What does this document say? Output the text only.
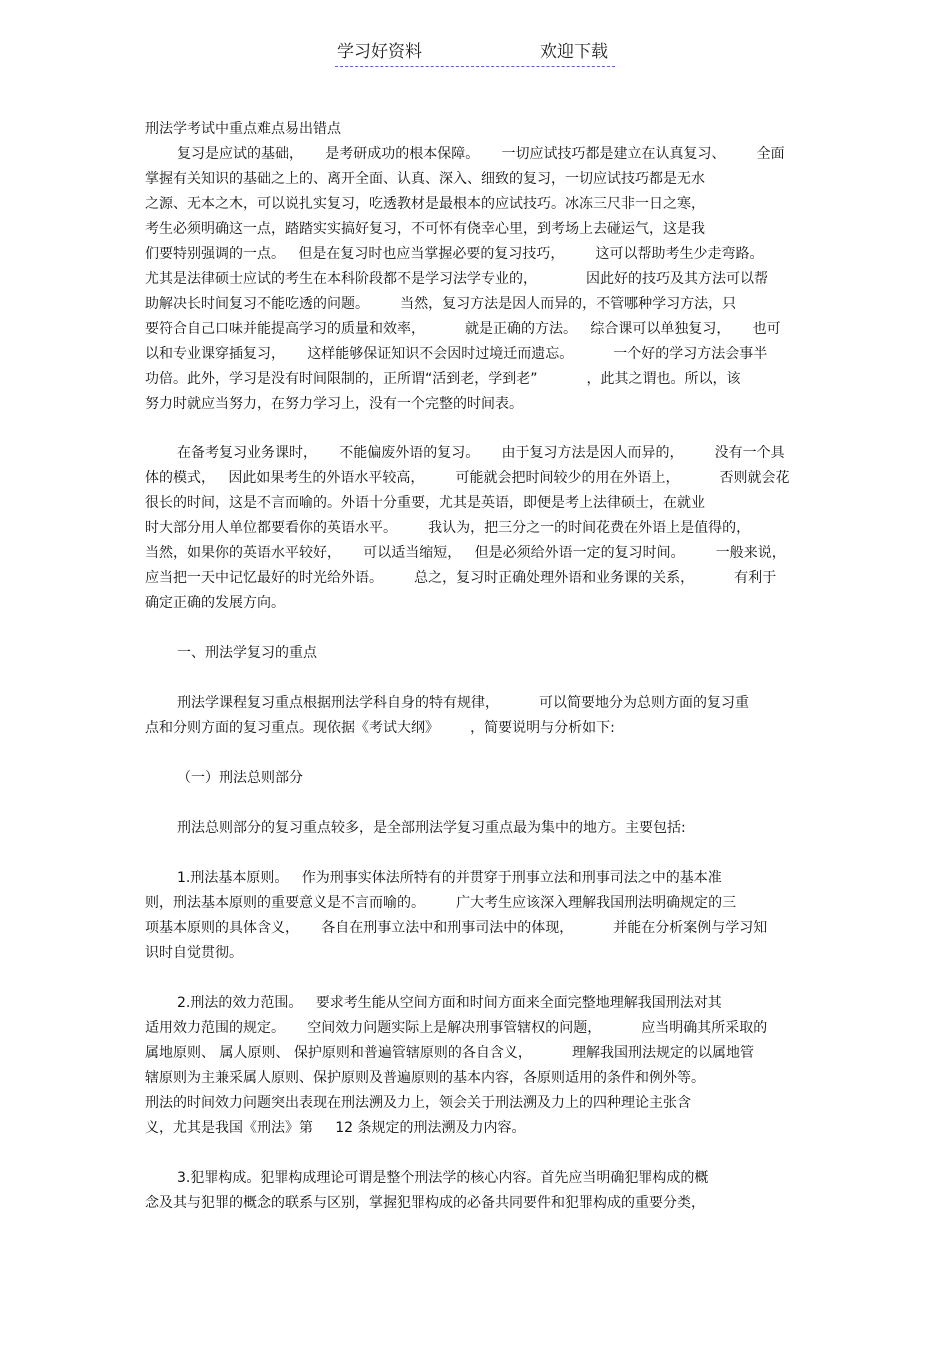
学习好资料	欢迎下载
刑法学考试中重点难点易出错点
复习是应试的基础，     是考研成功的根本保障。     一切应试技巧都是建立在认真复习、       全面
掌握有关知识的基础之上的、离开全面、认真、深入、细致的复习，一切应试技巧都是无水
之源、无本之木，可以说扎实复习，吃透教材是最根本的应试技巧。冰冻三尺非一日之寒，
考生必须明确这一点，踏踏实实搞好复习，不可怀有侥幸心里，到考场上去碰运气，这是我
们要特别强调的一点。   但是在复习时也应当掌握必要的复习技巧，       这可以帮助考生少走弯路。
尤其是法律硕士应试的考生在本科阶段都不是学习法学专业的，           因此好的技巧及其方法可以帮
助解决长时间复习不能吃透的问题。       当然，复习方法是因人而异的，不管哪种学习方法，只
要符合自己口味并能提高学习的质量和效率，         就是正确的方法。   综合课可以单独复习，     也可
以和专业课穿插复习，     这样能够保证知识不会因时过境迁而遗忘。         一个好的学习方法会事半
功倍。此外，学习是没有时间限制的，正所谓“活到老，学到老”           ，此其之谓也。所以，该
努力时就应当努力，在努力学习上，没有一个完整的时间表。
在备考复习业务课时，     不能偏废外语的复习。     由于复习方法是因人而异的，       没有一个具
体的模式，   因此如果考生的外语水平较高，       可能就会把时间较少的用在外语上，         否则就会花
很长的时间，这是不言而喻的。外语十分重要，尤其是英语，即便是考上法律硕士，在就业
时大部分用人单位都要看你的英语水平。       我认为，把三分之一的时间花费在外语上是值得的，
当然，如果你的英语水平较好，     可以适当缩短，   但是必须给外语一定的复习时间。       一般来说，
应当把一天中记忆最好的时光给外语。       总之，复习时正确处理外语和业务课的关系，         有利于
确定正确的发展方向。
一、刑法学复习的重点
刑法学课程复习重点根据刑法学科自身的特有规律，         可以简要地分为总则方面的复习重
点和分则方面的复习重点。现依据《考试大纲》       ，简要说明与分析如下:
（一）刑法总则部分
刑法总则部分的复习重点较多，是全部刑法学复习重点最为集中的地方。主要包括:
1.刑法基本原则。   作为刑事实体法所特有的并贯穿于刑事立法和刑事司法之中的基本准
则，刑法基本原则的重要意义是不言而喻的。       广大考生应该深入理解我国刑法明确规定的三
项基本原则的具体含义，     各自在刑事立法中和刑事司法中的体现，         并能在分析案例与学习知
识时自觉贯彻。
2.刑法的效力范围。   要求考生能从空间方面和时间方面来全面完整地理解我国刑法对其
适用效力范围的规定。     空间效力问题实际上是解决刑事管辖权的问题，         应当明确其所采取的
属地原则、 属人原则、 保护原则和普遍管辖原则的各自含义，         理解我国刑法规定的以属地管
辖原则为主兼采属人原则、保护原则及普遍原则的基本内容，各原则适用的条件和例外等。
刑法的时间效力问题突出表现在刑法溯及力上，领会关于刑法溯及力上的四种理论主张含
义，尤其是我国《刑法》第     12 条规定的刑法溯及力内容。
3.犯罪构成。犯罪构成理论可谓是整个刑法学的核心内容。首先应当明确犯罪构成的概
念及其与犯罪的概念的联系与区别，掌握犯罪构成的必备共同要件和犯罪构成的重要分类，
